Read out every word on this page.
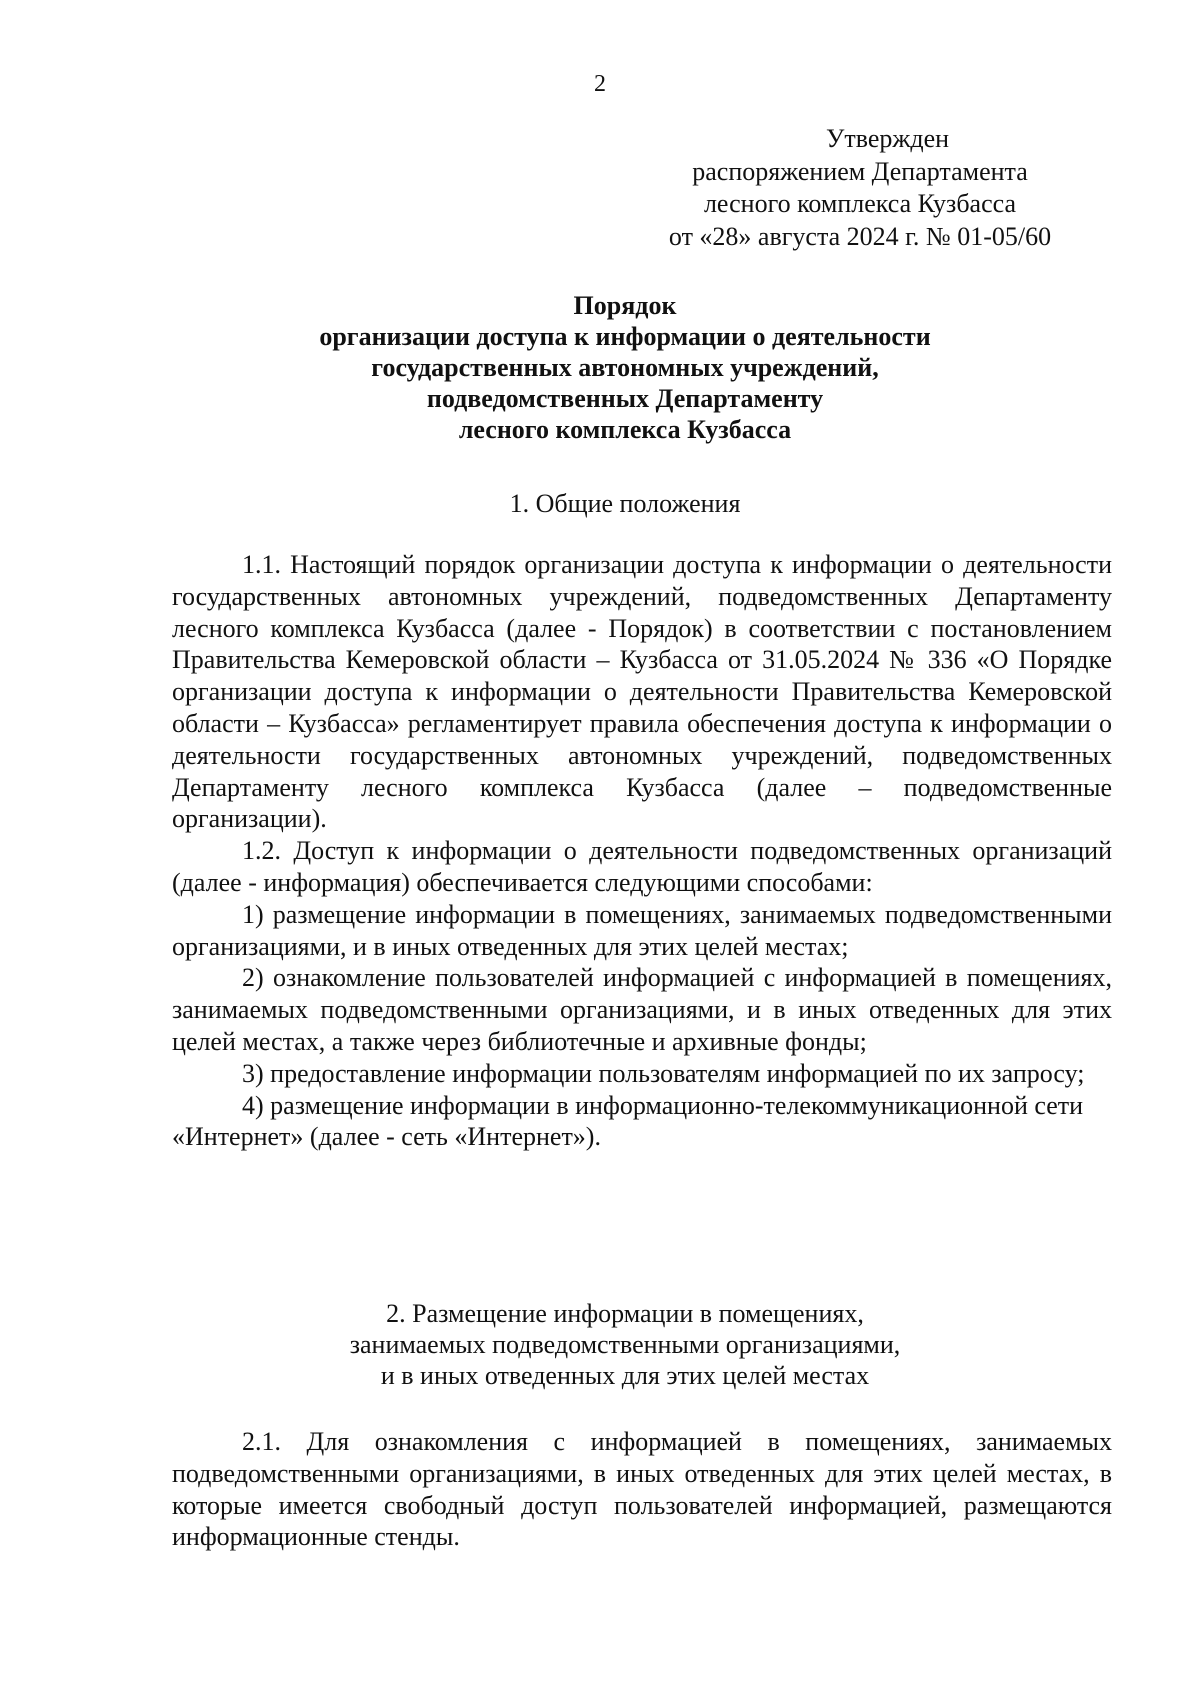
2
Утвержден
распоряжением Департамента
лесного комплекса Кузбасса
от «28» августа 2024 г. № 01-05/60
Порядок
организации доступа к информации о деятельности
государственных автономных учреждений,
подведомственных Департаменту
лесного комплекса Кузбасса
1. Общие положения

1.1. Настоящий порядок организации доступа к информации о деятельности государственных автономных учреждений, подведомственных Департаменту лесного комплекса Кузбасса (далее - Порядок) в соответствии с постановлением Правительства Кемеровской области – Кузбасса от 31.05.2024 № 336 «О Порядке организации доступа к информации о деятельности Правительства Кемеровской области – Кузбасса» регламентирует правила обеспечения доступа к информации о деятельности государственных автономных учреждений, подведомственных Департаменту лесного комплекса Кузбасса (далее – подведомственные организации).

1.2. Доступ к информации о деятельности подведомственных организаций (далее - информация) обеспечивается следующими способами:

1) размещение информации в помещениях, занимаемых подведомственными организациями, и в иных отведенных для этих целей местах;

2) ознакомление пользователей информацией с информацией в помещениях, занимаемых подведомственными организациями, и в иных отведенных для этих целей местах, а также через библиотечные и архивные фонды;

3) предоставление информации пользователям информацией по их запросу;

4) размещение информации в информационно-телекоммуникационной сети «Интернет» (далее - сеть «Интернет»).

2. Размещение информации в помещениях,
занимаемых подведомственными организациями,
и в иных отведенных для этих целей местах

2.1. Для ознакомления с информацией в помещениях, занимаемых подведомственными организациями, в иных отведенных для этих целей местах, в которые имеется свободный доступ пользователей информацией, размещаются информационные стенды.
